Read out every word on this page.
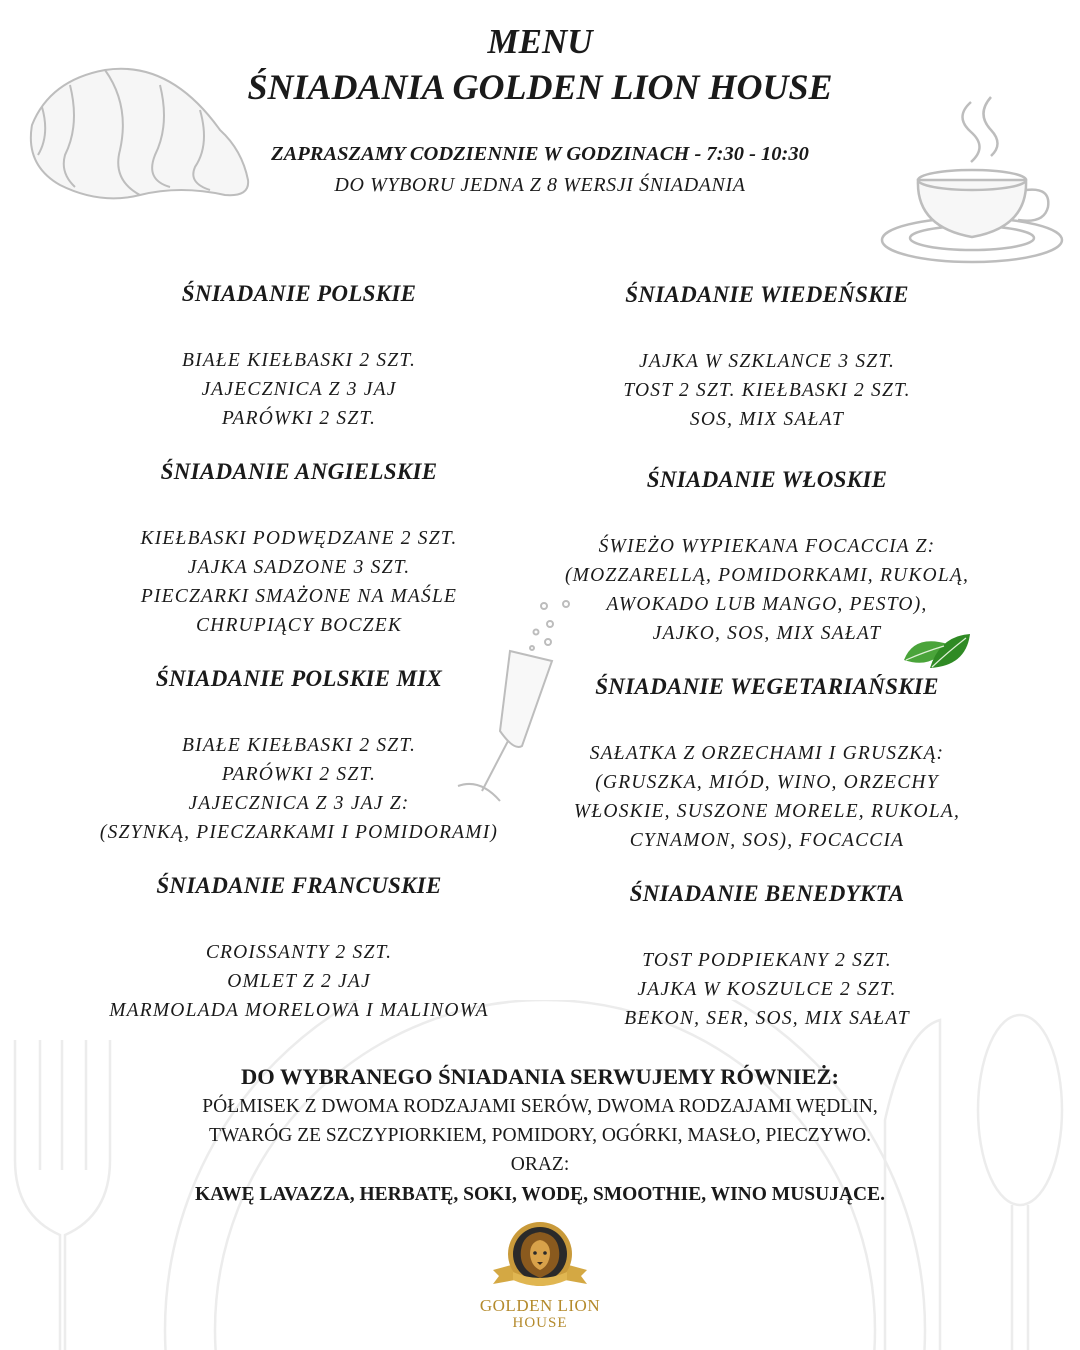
MENU
ŚNIADANIA GOLDEN LION HOUSE
ZAPRASZAMY CODZIENNIE W GODZINACH - 7:30 - 10:30
DO WYBORU JEDNA Z 8 WERSJI ŚNIADANIA
ŚNIADANIE POLSKIE
BIAŁE KIEŁBASKI 2 SZT.
JAJECZNICA Z 3 JAJ
PARÓWKI 2 SZT.
ŚNIADANIE ANGIELSKIE
KIEŁBASKI PODWĘDZANE 2 SZT.
JAJKA SADZONE 3 SZT.
PIECZARKI SMAŻONE NA MAŚLE
CHRUPIĄCY BOCZEK
ŚNIADANIE POLSKIE MIX
BIAŁE KIEŁBASKI 2 SZT.
PARÓWKI 2 SZT.
JAJECZNICA Z 3 JAJ Z:
(SZYNKĄ, PIECZARKAMI I POMIDORAMI)
ŚNIADANIE FRANCUSKIE
CROISSANTY 2 SZT.
OMLET Z 2 JAJ
MARMOLADA MORELOWA I MALINOWA
ŚNIADANIE WIEDEŃSKIE
JAJKA W SZKLANCE 3 SZT.
TOST 2 SZT. KIEŁBASKI 2 SZT.
SOS, MIX SAŁAT
ŚNIADANIE WŁOSKIE
ŚWIEŻO WYPIEKANA FOCACCIA Z:
(MOZZARELLĄ, POMIDORKAMI, RUKOLĄ,
AWOKADO LUB MANGO, PESTO),
JAJKO, SOS, MIX SAŁAT
ŚNIADANIE WEGETARIAŃSKIE
SAŁATKA Z ORZECHAMI I GRUSZKĄ:
(GRUSZKA, MIÓD, WINO, ORZECHY
WŁOSKIE, SUSZONE MORELE, RUKOLA,
CYNAMON, SOS), FOCACCIA
ŚNIADANIE BENEDYKTA
TOST PODPIEKANY 2 SZT.
JAJKA W KOSZULCE 2 SZT.
BEKON, SER, SOS, MIX SAŁAT
DO WYBRANEGO ŚNIADANIA SERWUJEMY RÓWNIEŻ:
PÓŁMISEK Z DWOMA RODZAJAMI SERÓW, DWOMA RODZAJAMI WĘDLIN,
TWARÓG ZE SZCZYPIORKIEM, POMIDORY, OGÓRKI, MASŁO, PIECZYWO.
ORAZ:
KAWĘ LAVAZZA, HERBATĘ, SOKI, WODĘ, SMOOTHIE, WINO MUSUJĄCE.
GOLDEN LION
HOUSE
